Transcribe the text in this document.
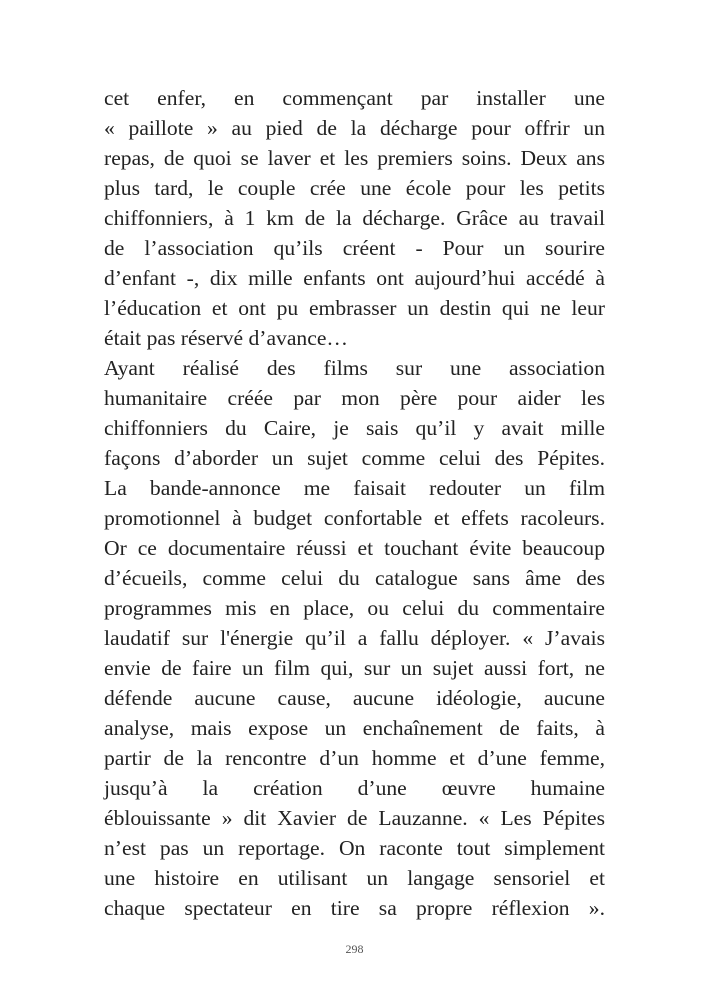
cet enfer, en commençant par installer une
« paillote » au pied de la décharge pour offrir un
repas, de quoi se laver et les premiers soins. Deux ans
plus tard, le couple crée une école pour les petits
chiffonniers, à 1 km de la décharge. Grâce au travail
de l’association qu’ils créent - Pour un sourire
d’enfant -, dix mille enfants ont aujourd’hui accédé à
l’éducation et ont pu embrasser un destin qui ne leur
était pas réservé d’avance…
Ayant réalisé des films sur une association
humanitaire créée par mon père pour aider les
chiffonniers du Caire, je sais qu’il y avait mille
façons d’aborder un sujet comme celui des Pépites.
La bande-annonce me faisait redouter un film
promotionnel à budget confortable et effets racoleurs.
Or ce documentaire réussi et touchant évite beaucoup
d’écueils, comme celui du catalogue sans âme des
programmes mis en place, ou celui du commentaire
laudatif sur l'énergie qu’il a fallu déployer. « J’avais
envie de faire un film qui, sur un sujet aussi fort, ne
défende aucune cause, aucune idéologie, aucune
analyse, mais expose un enchaînement de faits, à
partir de la rencontre d’un homme et d’une femme,
jusqu’à la création d’une œuvre humaine
éblouissante » dit Xavier de Lauzanne. « Les Pépites
n’est pas un reportage. On raconte tout simplement
une histoire en utilisant un langage sensoriel et
chaque spectateur en tire sa propre réflexion ».
298
